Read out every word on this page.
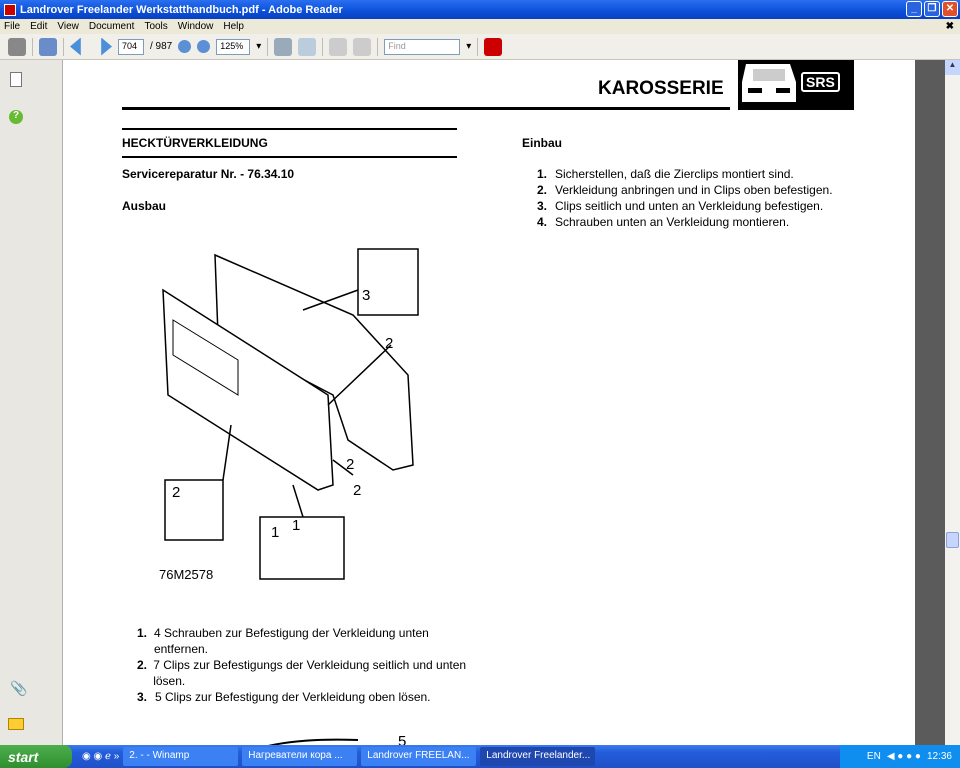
Landrover Freelander Werkstatthandbuch.pdf - Adobe Reader	_	❐ ✕
File Edit View Document Tools Window Help	✖
704	/ 987	125%	▾	Find	▾
?
📎
KAROSSERIE	SRS
HECKTÜRVERKLEIDUNG
Servicereparatur Nr. - 76.34.10
Ausbau
Einbau
1. Sicherstellen, daß die Zierclips montiert sind.
2. Verkleidung anbringen und in Clips oben befestigen.
3. Clips seitlich und unten an Verkleidung befestigen.
4. Schrauben unten an Verkleidung montieren.
3
2
2
2
2
1 1
76M2578
1. 4 Schrauben zur Befestigung der Verkleidung unten entfernen.
2. 7 Clips zur Befestigungs der Verkleidung seitlich und unten lösen.
3. 5 Clips zur Befestigung der Verkleidung oben lösen.
5
▲
start	◉ ◉ ℯ »	2. - - Winamp	Нагреватели кора ...	Landrover FREELAN...	Landrover Freelander...	EN ◀ ● ● ● 12:36
